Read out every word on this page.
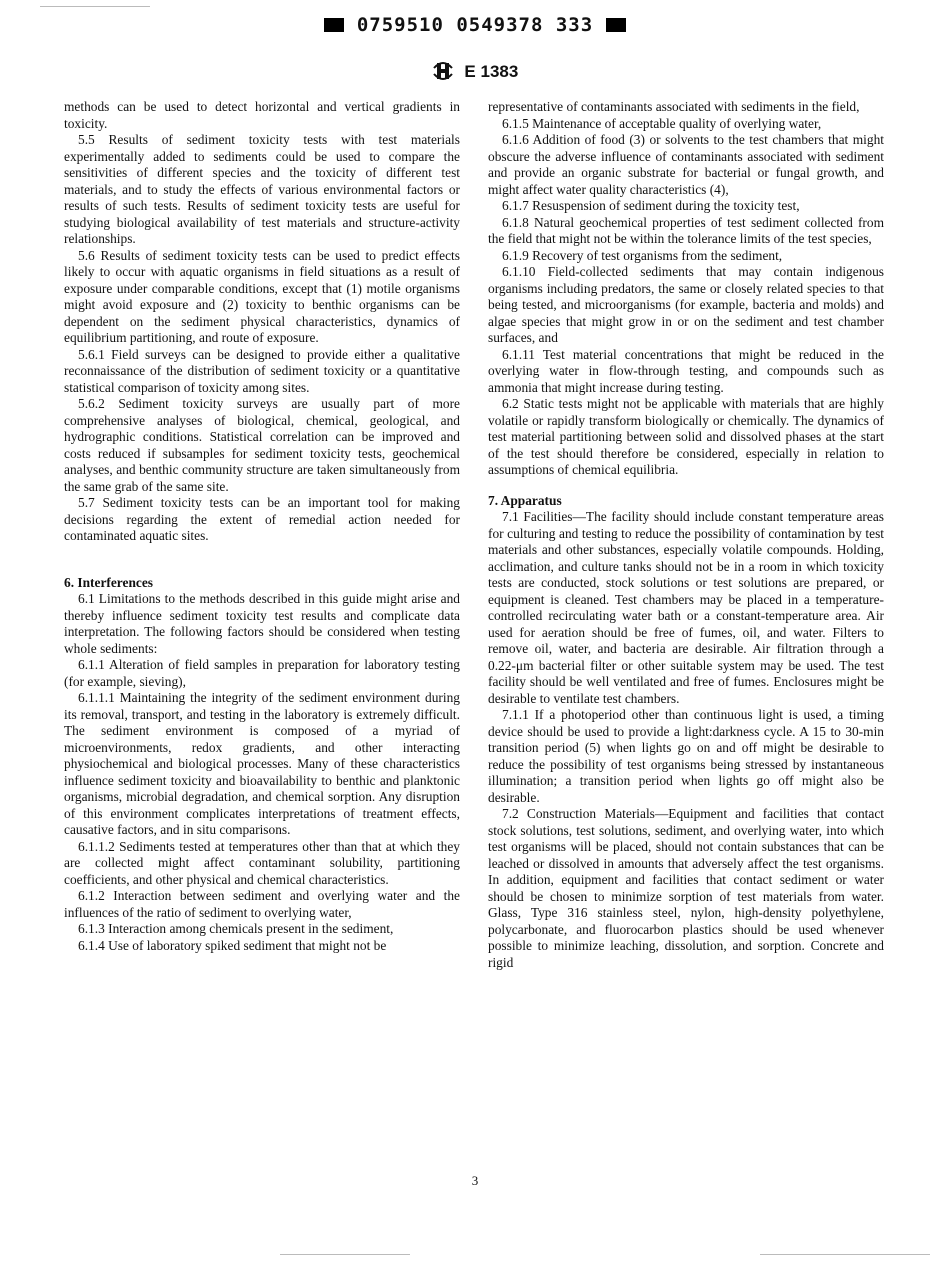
0759510 0549378 333
E 1383

methods can be used to detect horizontal and vertical gradients in toxicity.

5.5 Results of sediment toxicity tests with test materials experimentally added to sediments could be used to compare the sensitivities of different species and the toxicity of different test materials, and to study the effects of various environmental factors or results of such tests. Results of sediment toxicity tests are useful for studying biological availability of test materials and structure-activity relationships.

5.6 Results of sediment toxicity tests can be used to predict effects likely to occur with aquatic organisms in field situations as a result of exposure under comparable conditions, except that (1) motile organisms might avoid exposure and (2) toxicity to benthic organisms can be dependent on the sediment physical characteristics, dynamics of equilibrium partitioning, and route of exposure.

5.6.1 Field surveys can be designed to provide either a qualitative reconnaissance of the distribution of sediment toxicity or a quantitative statistical comparison of toxicity among sites.

5.6.2 Sediment toxicity surveys are usually part of more comprehensive analyses of biological, chemical, geological, and hydrographic conditions. Statistical correlation can be improved and costs reduced if subsamples for sediment toxicity tests, geochemical analyses, and benthic community structure are taken simultaneously from the same grab of the same site.

5.7 Sediment toxicity tests can be an important tool for making decisions regarding the extent of remedial action needed for contaminated aquatic sites.

6. Interferences

6.1 Limitations to the methods described in this guide might arise and thereby influence sediment toxicity test results and complicate data interpretation. The following factors should be considered when testing whole sediments:

6.1.1 Alteration of field samples in preparation for laboratory testing (for example, sieving),

6.1.1.1 Maintaining the integrity of the sediment environment during its removal, transport, and testing in the laboratory is extremely difficult. The sediment environment is composed of a myriad of microenvironments, redox gradients, and other interacting physiochemical and biological processes. Many of these characteristics influence sediment toxicity and bioavailability to benthic and planktonic organisms, microbial degradation, and chemical sorption. Any disruption of this environment complicates interpretations of treatment effects, causative factors, and in situ comparisons.

6.1.1.2 Sediments tested at temperatures other than that at which they are collected might affect contaminant solubility, partitioning coefficients, and other physical and chemical characteristics.

6.1.2 Interaction between sediment and overlying water and the influences of the ratio of sediment to overlying water,

6.1.3 Interaction among chemicals present in the sediment,

6.1.4 Use of laboratory spiked sediment that might not be

representative of contaminants associated with sediments in the field,

6.1.5 Maintenance of acceptable quality of overlying water,

6.1.6 Addition of food (3) or solvents to the test chambers that might obscure the adverse influence of contaminants associated with sediment and provide an organic substrate for bacterial or fungal growth, and might affect water quality characteristics (4),

6.1.7 Resuspension of sediment during the toxicity test,

6.1.8 Natural geochemical properties of test sediment collected from the field that might not be within the tolerance limits of the test species,

6.1.9 Recovery of test organisms from the sediment,

6.1.10 Field-collected sediments that may contain indigenous organisms including predators, the same or closely related species to that being tested, and microorganisms (for example, bacteria and molds) and algae species that might grow in or on the sediment and test chamber surfaces, and

6.1.11 Test material concentrations that might be reduced in the overlying water in flow-through testing, and compounds such as ammonia that might increase during testing.

6.2 Static tests might not be applicable with materials that are highly volatile or rapidly transform biologically or chemically. The dynamics of test material partitioning between solid and dissolved phases at the start of the test should therefore be considered, especially in relation to assumptions of chemical equilibria.

7. Apparatus

7.1 Facilities—The facility should include constant temperature areas for culturing and testing to reduce the possibility of contamination by test materials and other substances, especially volatile compounds. Holding, acclimation, and culture tanks should not be in a room in which toxicity tests are conducted, stock solutions or test solutions are prepared, or equipment is cleaned. Test chambers may be placed in a temperature-controlled recirculating water bath or a constant-temperature area. Air used for aeration should be free of fumes, oil, and water. Filters to remove oil, water, and bacteria are desirable. Air filtration through a 0.22-μm bacterial filter or other suitable system may be used. The test facility should be well ventilated and free of fumes. Enclosures might be desirable to ventilate test chambers.

7.1.1 If a photoperiod other than continuous light is used, a timing device should be used to provide a light:darkness cycle. A 15 to 30-min transition period (5) when lights go on and off might be desirable to reduce the possibility of test organisms being stressed by instantaneous illumination; a transition period when lights go off might also be desirable.

7.2 Construction Materials—Equipment and facilities that contact stock solutions, test solutions, sediment, and overlying water, into which test organisms will be placed, should not contain substances that can be leached or dissolved in amounts that adversely affect the test organisms. In addition, equipment and facilities that contact sediment or water should be chosen to minimize sorption of test materials from water. Glass, Type 316 stainless steel, nylon, high-density polyethylene, polycarbonate, and fluorocarbon plastics should be used whenever possible to minimize leaching, dissolution, and sorption. Concrete and rigid

3
